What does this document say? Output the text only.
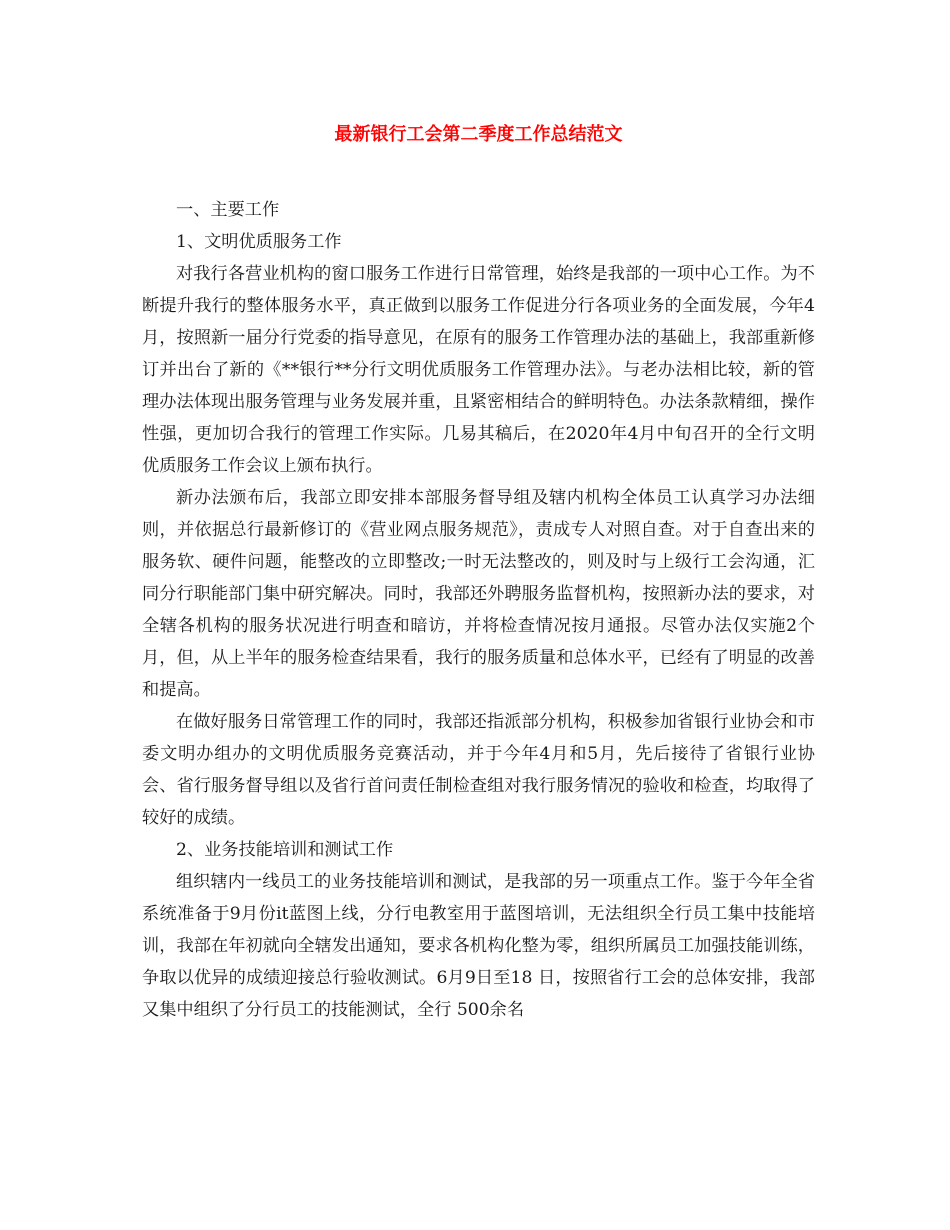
最新银行工会第二季度工作总结范文

一、主要工作

1、文明优质服务工作

对我行各营业机构的窗口服务工作进行日常管理，始终是我部的一项中心工作。为不断提升我行的整体服务水平，真正做到以服务工作促进分行各项业务的全面发展，今年4月，按照新一届分行党委的指导意见，在原有的服务工作管理办法的基础上，我部重新修订并出台了新的《**银行**分行文明优质服务工作管理办法》。与老办法相比较，新的管理办法体现出服务管理与业务发展并重，且紧密相结合的鲜明特色。办法条款精细，操作性强，更加切合我行的管理工作实际。几易其稿后，在2020年4月中旬召开的全行文明优质服务工作会议上颁布执行。

新办法颁布后，我部立即安排本部服务督导组及辖内机构全体员工认真学习办法细则，并依据总行最新修订的《营业网点服务规范》，责成专人对照自查。对于自查出来的服务软、硬件问题，能整改的立即整改;一时无法整改的，则及时与上级行工会沟通，汇同分行职能部门集中研究解决。同时，我部还外聘服务监督机构，按照新办法的要求，对全辖各机构的服务状况进行明查和暗访，并将检查情况按月通报。尽管办法仅实施2个月，但，从上半年的服务检查结果看，我行的服务质量和总体水平，已经有了明显的改善和提高。

在做好服务日常管理工作的同时，我部还指派部分机构，积极参加省银行业协会和市委文明办组办的文明优质服务竞赛活动，并于今年4月和5月，先后接待了省银行业协会、省行服务督导组以及省行首问责任制检查组对我行服务情况的验收和检查，均取得了较好的成绩。

2、业务技能培训和测试工作

组织辖内一线员工的业务技能培训和测试，是我部的另一项重点工作。鉴于今年全省系统准备于9月份it蓝图上线，分行电教室用于蓝图培训，无法组织全行员工集中技能培训，我部在年初就向全辖发出通知，要求各机构化整为零，组织所属员工加强技能训练，争取以优异的成绩迎接总行验收测试。6月9日至18 日，按照省行工会的总体安排，我部又集中组织了分行员工的技能测试，全行 500余名
